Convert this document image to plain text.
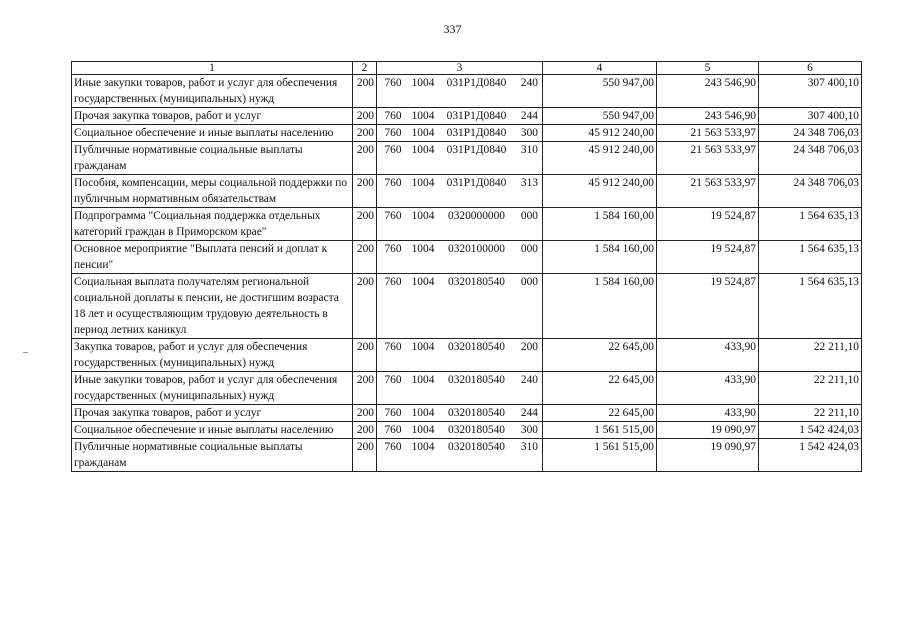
337
1	2	3	4	5	6
Иные закупки товаров, работ и услуг для обеспечения государственных (муниципальных) нужд	200	760 1004 031Р1Д0840 240	550 947,00	243 546,90	307 400,10
Прочая закупка товаров, работ и услуг	200	760 1004 031Р1Д0840 244	550 947,00	243 546,90	307 400,10
Социальное обеспечение и иные выплаты населению	200	760 1004 031Р1Д0840 300	45 912 240,00	21 563 533,97	24 348 706,03
Публичные нормативные социальные выплаты гражданам	200	760 1004 031Р1Д0840 310	45 912 240,00	21 563 533,97	24 348 706,03
Пособия, компенсации, меры социальной поддержки по публичным нормативным обязательствам	200	760 1004 031Р1Д0840 313	45 912 240,00	21 563 533,97	24 348 706,03
Подпрограмма "Социальная поддержка отдельных категорий граждан в Приморском крае"	200	760 1004 0320000000 000	1 584 160,00	19 524,87	1 564 635,13
Основное мероприятие "Выплата пенсий и доплат к пенсии"	200	760 1004 0320100000 000	1 584 160,00	19 524,87	1 564 635,13
Социальная выплата получателям региональной социальной доплаты к пенсии, не достигшим возраста 18 лет и осуществляющим трудовую деятельность в период летних каникул	200	760 1004 0320180540 000	1 584 160,00	19 524,87	1 564 635,13
Закупка товаров, работ и услуг для обеспечения государственных (муниципальных) нужд	200	760 1004 0320180540 200	22 645,00	433,90	22 211,10
Иные закупки товаров, работ и услуг для обеспечения государственных (муниципальных) нужд	200	760 1004 0320180540 240	22 645,00	433,90	22 211,10
Прочая закупка товаров, работ и услуг	200	760 1004 0320180540 244	22 645,00	433,90	22 211,10
Социальное обеспечение и иные выплаты населению	200	760 1004 0320180540 300	1 561 515,00	19 090,97	1 542 424,03
Публичные нормативные социальные выплаты гражданам	200	760 1004 0320180540 310	1 561 515,00	19 090,97	1 542 424,03
